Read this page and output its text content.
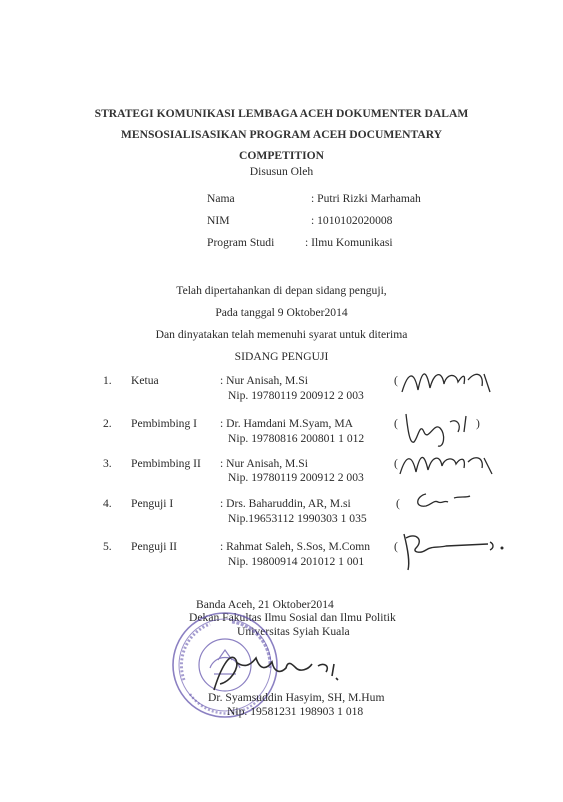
STRATEGI KOMUNIKASI LEMBAGA ACEH DOKUMENTER DALAM
MENSOSIALISASIKAN PROGRAM ACEH DOCUMENTARY
COMPETITION
Disusun Oleh
Nama	: Putri Rizki Marhamah
NIM	: 1010102020008
Program Studi	: Ilmu Komunikasi
Telah dipertahankan di depan sidang penguji,
Pada tanggal 9 Oktober2014
Dan dinyatakan telah memenuhi syarat untuk diterima
SIDANG PENGUJI
1. Ketua	: Nur Anisah, M.Si
Nip. 19780119 200912 2 003
(
2. Pembimbing I : Dr. Hamdani M.Syam, MA
Nip. 19780816 200801 1 012
(	)
3. Pembimbing II : Nur Anisah, M.Si
Nip. 19780119 200912 2 003
(
4. Penguji I	: Drs. Baharuddin, AR, M.si
Nip.19653112 1990303 1 035
(
5. Penguji II	: Rahmat Saleh, S.Sos, M.Comn
Nip. 19800914 201012 1 001
(
Banda Aceh, 21 Oktober2014
Dekan Fakultas Ilmu Sosial dan Ilmu Politik
Universitas Syiah Kuala
Dr. Syamsuddin Hasyim, SH, M.Hum
Nip. 19581231 198903 1 018
